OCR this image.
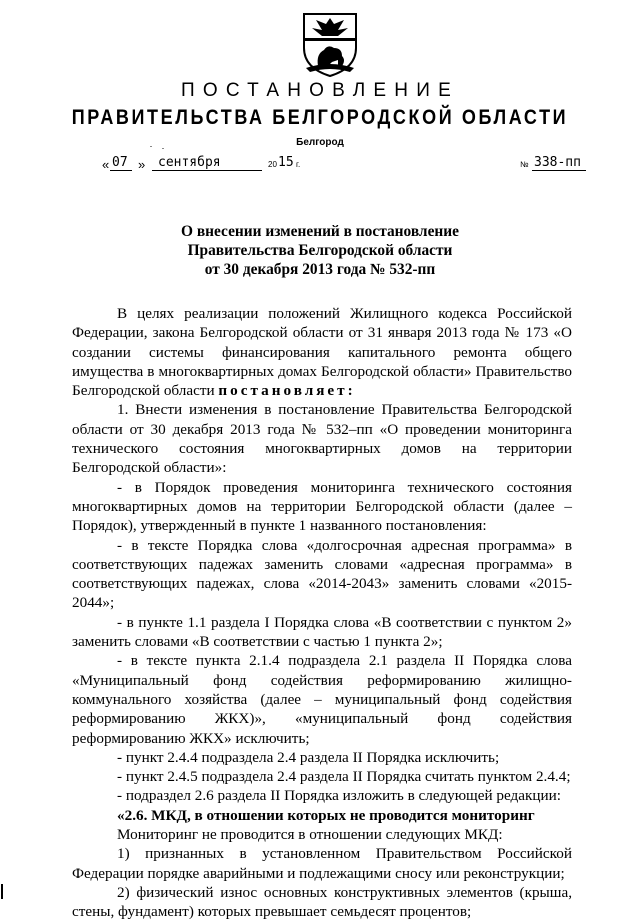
ПОСТАНОВЛЕНИЕ
ПРАВИТЕЛЬСТВА БЕЛГОРОДСКОЙ ОБЛАСТИ
Белгород
« 07 » сентября	20 15 г.	№ 338-пп
О внесении изменений в постановление
Правительства Белгородской области
от 30 декабря 2013 года № 532-пп

В целях реализации положений Жилищного кодекса Российской Федерации, закона Белгородской области от 31 января 2013 года № 173 «О создании системы финансирования капитального ремонта общего имущества в многоквартирных домах Белгородской области» Правительство Белгородской области постановляет:

1. Внести изменения в постановление Правительства Белгородской области от 30 декабря 2013 года № 532–пп «О проведении мониторинга технического состояния многоквартирных домов на территории Белгородской области»:

- в Порядок проведения мониторинга технического состояния многоквартирных домов на территории Белгородской области (далее – Порядок), утвержденный в пункте 1 названного постановления:

- в тексте Порядка слова «долгосрочная адресная программа» в соответствующих падежах заменить словами «адресная программа» в соответствующих падежах, слова «2014-2043» заменить словами «2015-2044»;

- в пункте 1.1 раздела I Порядка слова «В соответствии с пунктом 2» заменить словами «В соответствии с частью 1 пункта 2»;

- в тексте пункта 2.1.4 подраздела 2.1 раздела II Порядка слова «Муниципальный фонд содействия реформированию жилищно-коммунального хозяйства (далее – муниципальный фонд содействия реформированию ЖКХ)», «муниципальный фонд содействия реформированию ЖКХ» исключить;

- пункт 2.4.4 подраздела 2.4 раздела II Порядка исключить;

- пункт 2.4.5 подраздела 2.4 раздела II Порядка считать пунктом 2.4.4;

- подраздел 2.6 раздела II Порядка изложить в следующей редакции:

«2.6. МКД, в отношении которых не проводится мониторинг

Мониторинг не проводится в отношении следующих МКД:

1) признанных в установленном Правительством Российской Федерации порядке аварийными и подлежащими сносу или реконструкции;

2) физический износ основных конструктивных элементов (крыша, стены, фундамент) которых превышает семьдесят процентов;
